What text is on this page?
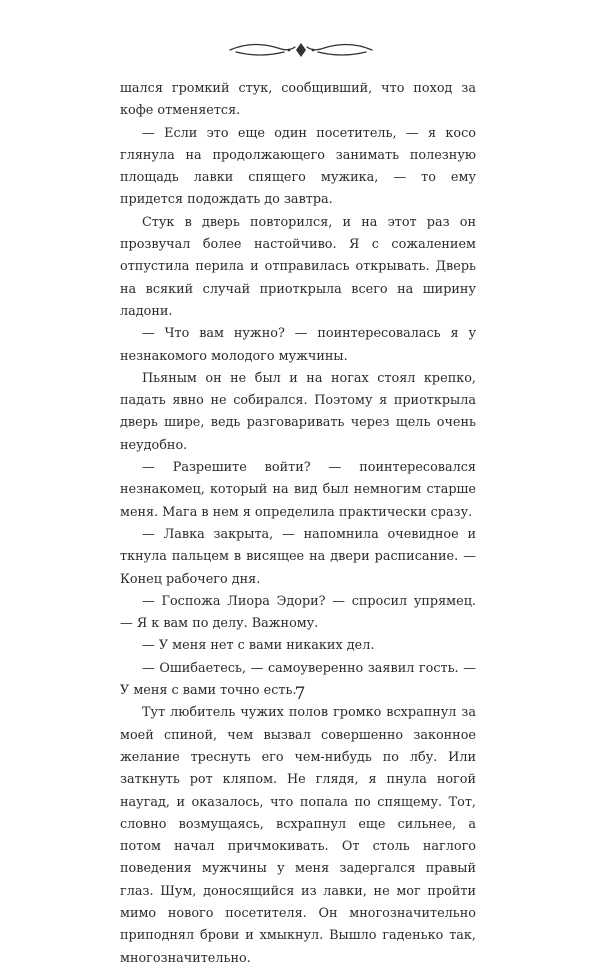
шался громкий стук, сообщивший, что поход за кофе отменяется.

— Если это еще один посетитель, — я косо глянула на продолжающего занимать полезную площадь лавки спящего мужика, — то ему придется подождать до завтра.

Стук в дверь повторился, и на этот раз он прозвучал более настойчиво. Я с сожалением отпустила перила и отправилась открывать. Дверь на всякий случай приоткрыла всего на ширину ладони.

— Что вам нужно? — поинтересовалась я у незнакомого молодого мужчины.

Пьяным он не был и на ногах стоял крепко, падать явно не собирался. Поэтому я приоткрыла дверь шире, ведь разговаривать через щель очень неудобно.

— Разрешите войти? — поинтересовался незнакомец, который на вид был немногим старше меня. Мага в нем я определила практически сразу.

— Лавка закрыта, — напомнила очевидное и ткнула пальцем в висящее на двери расписание. — Конец рабочего дня.

— Госпожа Лиора Эдори? — спросил упрямец. — Я к вам по делу. Важному.

— У меня нет с вами никаких дел.

— Ошибаетесь, — самоуверенно заявил гость. — У меня с вами точно есть.

Тут любитель чужих полов громко всхрапнул за моей спиной, чем вызвал совершенно законное желание треснуть его чем-нибудь по лбу. Или заткнуть рот кляпом. Не глядя, я пнула ногой наугад, и оказалось, что попала по спящему. Тот, словно возмущаясь, всхрапнул еще сильнее, а потом начал причмокивать. От столь наглого поведения мужчины у меня задергался правый глаз. Шум, доносящийся из лавки, не мог пройти мимо нового посетителя. Он многозначительно приподнял брови и хмыкнул. Вышло гаденько так, многозначительно.

7
